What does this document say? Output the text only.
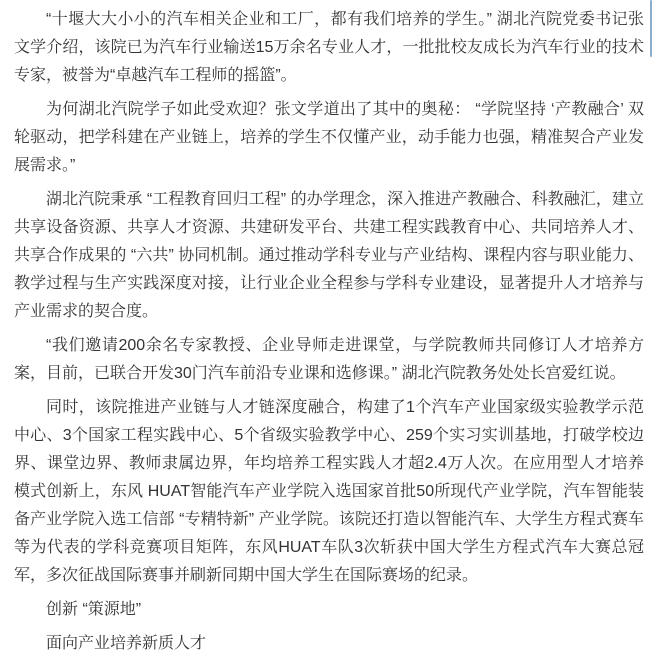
“十堰大大小小的汽车相关企业和工厂，都有我们培养的学生。” 湖北汽院党委书记张文学介绍，该院已为汽车行业输送15万余名专业人才，一批批校友成长为汽车行业的技术专家，被誉为“卓越汽车工程师的摇篮”。

为何湖北汽院学子如此受欢迎？张文学道出了其中的奥秘： “学院坚持 ‘产教融合’ 双轮驱动，把学科建在产业链上，培养的学生不仅懂产业，动手能力也强，精准契合产业发展需求。”

湖北汽院秉承 “工程教育回归工程” 的办学理念，深入推进产教融合、科教融汇，建立共享设备资源、共享人才资源、共建研发平台、共建工程实践教育中心、共同培养人才、共享合作成果的 “六共” 协同机制。通过推动学科专业与产业结构、课程内容与职业能力、教学过程与生产实践深度对接，让行业企业全程参与学科专业建设，显著提升人才培养与产业需求的契合度。

“我们邀请200余名专家教授、企业导师走进课堂，与学院教师共同修订人才培养方案，目前，已联合开发30门汽车前沿专业课和选修课。” 湖北汽院教务处处长宫爱红说。

同时，该院推进产业链与人才链深度融合，构建了1个汽车产业国家级实验教学示范中心、3个国家工程实践中心、5个省级实验教学中心、259个实习实训基地，打破学校边界、课堂边界、教师隶属边界，年均培养工程实践人才超2.4万人次。在应用型人才培养模式创新上，东风 HUAT智能汽车产业学院入选国家首批50所现代产业学院，汽车智能装备产业学院入选工信部 “专精特新” 产业学院。该院还打造以智能汽车、大学生方程式赛车等为代表的学科竞赛项目矩阵，东风HUAT车队3次斩获中国大学生方程式汽车大赛总冠军，多次征战国际赛事并刷新同期中国大学生在国际赛场的纪录。

创新 “策源地”

面向产业培养新质人才
